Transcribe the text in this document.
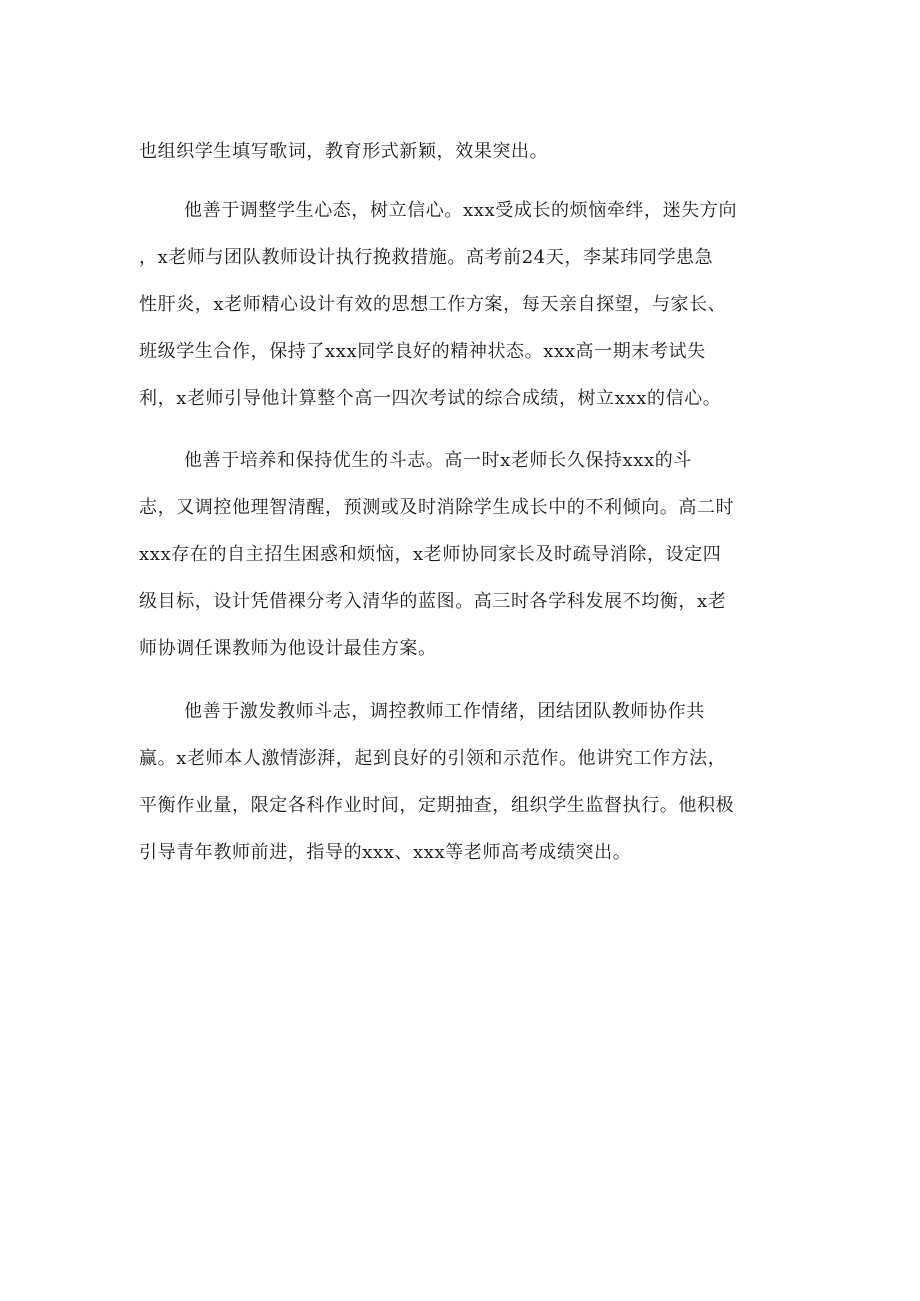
也组织学生填写歌词，教育形式新颖，效果突出。
他善于调整学生心态，树立信心。xxx受成长的烦恼牵绊，迷失方向
，x老师与团队教师设计执行挽救措施。高考前24天，李某玮同学患急
性肝炎，x老师精心设计有效的思想工作方案，每天亲自探望，与家长、
班级学生合作，保持了xxx同学良好的精神状态。xxx高一期末考试失
利，x老师引导他计算整个高一四次考试的综合成绩，树立xxx的信心。
他善于培养和保持优生的斗志。高一时x老师长久保持xxx的斗
志，又调控他理智清醒，预测或及时消除学生成长中的不利倾向。高二时
xxx存在的自主招生困惑和烦恼，x老师协同家长及时疏导消除，设定四
级目标，设计凭借裸分考入清华的蓝图。高三时各学科发展不均衡，x老
师协调任课教师为他设计最佳方案。
他善于激发教师斗志，调控教师工作情绪，团结团队教师协作共
赢。x老师本人激情澎湃，起到良好的引领和示范作。他讲究工作方法，
平衡作业量，限定各科作业时间，定期抽查，组织学生监督执行。他积极
引导青年教师前进，指导的xxx、xxx等老师高考成绩突出。
